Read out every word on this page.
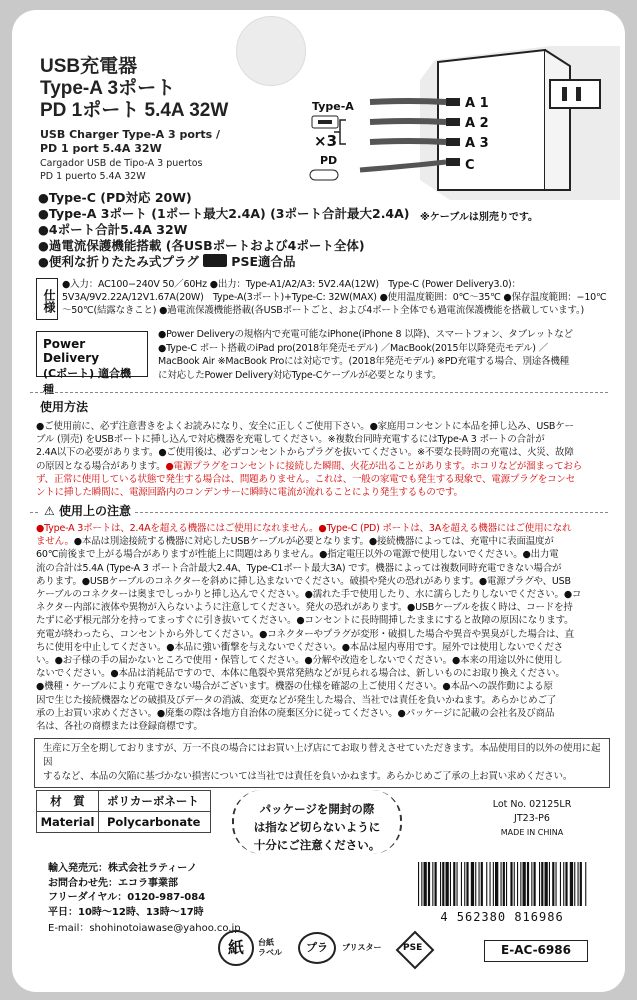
USB充電器
Type-A 3ポート
PD 1ポート 5.4A 32W
USB Charger Type-A 3 ports /
PD 1 port 5.4A 32W
Cargador USB de Tipo-A 3 puertos
PD 1 puerto 5.4A 32W
Type-A
×3
PD
A 1
A 2
A 3
C
※ケーブルは別売りです。
●Type-C (PD対応 20W)
●Type-A 3ポート (1ポート最大2.4A) (3ポート合計最大2.4A)
●4ポート合計5.4A 32W
●過電流保護機能搭載 (各USBポートおよび4ポート全体)
●便利な折りたたみ式プラグ	PSE適合品
仕様
●入力：AC100−240V 50／60Hz ●出力：Type-A1/A2/A3: 5V2.4A(12W)　Type-C (Power Delivery3.0)：
5V3A/9V2.22A/12V1.67A(20W)　Type-A(3ポート)+Type-C: 32W(MAX) ●使用温度範囲：0℃〜35℃ ●保存温度範囲：−10℃
〜50℃(結露なきこと) ●過電流保護機能搭載(各USBポートごと、および4ポート全体でも過電流保護機能を搭載しています。)
Power Delivery
(Cポート) 適合機種
●Power Deliveryの規格内で充電可能なiPhone(iPhone 8 以降)、スマートフォン、タブレットなど
●Type-C ポート搭載のiPad pro(2018年発売モデル) ／MacBook(2015年以降発売モデル) ／
MacBook Air ※MacBook Proには対応です。(2018年発売モデル) ※PD充電する場合、別途各機種
に対応したPower Delivery対応Type-Cケーブルが必要となります。
使用方法
●ご使用前に、必ず注意書きをよくお読みになり、安全に正しくご使用下さい。●家庭用コンセントに本品を挿し込み、USBケー
ブル (別売) をUSBポートに挿し込んで対応機器を充電してください。※複数台同時充電するにはType-A 3 ポートの合計が
2.4A以下の必要があります。●ご使用後は、必ずコンセントからプラグを抜いてください。※不要な長時間の充電は、火災、故障
の原因となる場合があります。●電源プラグをコンセントに接続した瞬間、火花が出ることがあります。ホコリなどが溜まっておら
ず、正常に使用している状態で発生する場合は、問題ありません。これは、一般の家電でも発生する現象で、電源プラグをコンセ
ントに挿した瞬間に、電源回路内のコンデンサーに瞬時に電流が流れることにより発生するものです。
⚠ 使用上の注意
●Type-A 3ポートは、2.4Aを超える機器にはご使用になれません。●Type-C (PD) ポートは、3Aを超える機器にはご使用になれ
ません。●本品は別途接続する機器に対応したUSBケーブルが必要となります。●接続機器によっては、充電中に表面温度が
60℃前後まで上がる場合がありますが性能上に問題はありません。●指定電圧以外の電源で使用しないでください。●出力電
流の合計は5.4A (Type-A 3 ポート合計最大2.4A、Type-C1ポート最大3A) です。機器によっては複数同時充電できない場合が
あります。●USBケーブルのコネクターを斜めに挿し込まないでください。破損や発火の恐れがあります。●電源プラグや、USB
ケーブルのコネクターは奥までしっかりと挿し込んでください。●濡れた手で使用したり、水に濡らしたりしないでください。●コ
ネクター内部に液体や異物が入らないように注意してください。発火の恐れがあります。●USBケーブルを抜く時は、コードを持
たずに必ず根元部分を持ってまっすぐに引き抜いてください。●コンセントに長時間挿したままにすると故障の原因になります。
充電が終わったら、コンセントから外してください。●コネクターやプラグが変形・破損した場合や異音や異臭がした場合は、直
ちに使用を中止してください。●本品に強い衝撃を与えないでください。●本品は屋内専用です。屋外では使用しないでくださ
い。●お子様の手の届かないところで使用・保管してください。●分解や改造をしないでください。●本来の用途以外に使用し
ないでください。●本品は消耗品ですので、本体に亀裂や異常発熱などが見られる場合は、新しいものにお取り換えください。
●機種・ケーブルにより充電できない場合がございます。機器の仕様を確認の上ご使用ください。●本品への誤作動による原
因で生じた接続機器などの破損及びデータの消滅、変更などが発生した場合、当社では責任を負いかねます。あらかじめご了
承の上お買い求めください。●廃棄の際は各地方自治体の廃棄区分に従ってください。●パッケージに記載の会社名及び商品
名は、各社の商標または登録商標です。
生産に万全を期しておりますが、万一不良の場合にはお買い上げ店にてお取り替えさせていただきます。本品使用目的以外の使用に起因
するなど、本品の欠陥に基づかない損害については当社では責任を負いかねます。あらかじめご了承の上お買い求めください。
材　質	ポリカーボネート
Material	Polycarbonate
パッケージを開封の際
は指など切らないように
十分にご注意ください。
Lot No. 02125LR
JT23-P6
MADE IN CHINA
輸入発売元：株式会社ラティーノ
お問合わせ先：エコラ事業部
フリーダイヤル：0120-987-084
平日：10時〜12時、13時〜17時
E-mail：shohinotoiawase@yahoo.co.jp
4 562380 816986
紙	台紙
ラベル	プラ	ブリスター PSE	E-AC-6986
